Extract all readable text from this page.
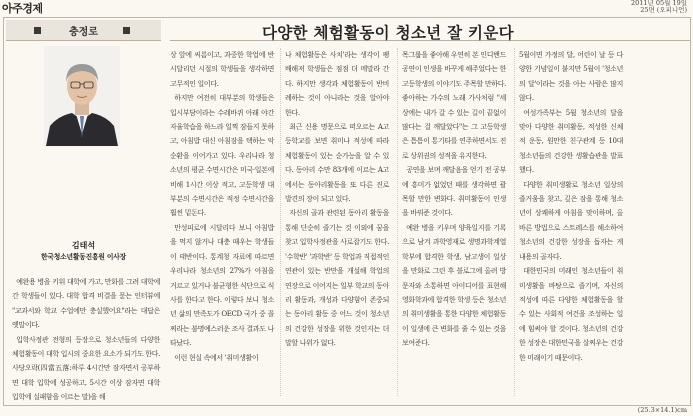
아주경제	2011년 05월 19일
25면 (오피니언)
충정로	다양한 체험활동이 청소년 잘 키운다
김태석
한국청소년활동진흥원 이사장

예완용 병을 키워 대학에 가고, 만화를 그려 대학에 간 학생들이 있다. 대학 합격 비결을 묻는 인터뷰에 "교과서와 학교 수업에만 충실했어요"라는 대답은 옛말이다.

입학사정관 전형의 등장으로 청소년들의 다양한 체험활동이 대학 입시의 중요한 요소가 되기도 한다. 사당오락(四當五落:하루 4시간만 잠자면서 공부하면 대학 입학에 성공하고, 5시간 이상 잠자면 대학 입학에 실패함을 이르는 말)을 해

상 앞에 씨름이고, 과중한 학업에 반 시달리던 시절의 학생들을 생각하면 고무적인 일이다.

하지만 여전히 대부분의 학생들은 입시부담이라는 수레바퀴 아래 야간자율학습을 하느라 일찍 잠들지 못하고, 아침밥 대신 아침잠을 택하는 악순환을 이어가고 있다. 우리나라 청소년의 평균 수면시간은 미국·일본에 비해 1시간 이상 적고, 고등학생 대부분의 수면시간은 적정 수면시간을 훨씬 밑돈다.

만성피로에 시달리다 보니 아침밥을 먹지 않거나 대충 때우는 학생들이 태반이다. 통계청 자료에 따르면 우리나라 청소년의 27%가 아침을 거르고 있거나 불균형한 식단으로 식사를 한다고 한다. 이렇다 보니 청소년 삶의 만족도가 OECD 국가 중 꼴찌라는 불명예스러운 조사 결과도 나타났다.

이런 현실 속에서 '취미생활이

나 체험활동은 사치'라는 생각이 팽배해져 학생들은 점점 더 메말라 간다. 하지만 생각과 체험활동이 반비례하는 것이 아니라는 것을 알아야 한다.

최근 신용 명문으로 떠오르는 A고등학교를 보면 취미나 적성에 따라 체험활동이 있는 순가능을 알 수 있다. 동아리 수만 83개에 이르는 A고에서는 동아리활동을 또 다른 진로 발견의 장이 되고 있다.

자신의 골과 관련된 동아리 활동을 통해 단순히 즐기는 것 이외에 꿈을 찾고 입학사정관을 사로잡기도 한다. '수학반' '과학반' 등 학업과 직접적인 연관이 있는 반만을 개설해 학업의 연장으로 이어지는 일부 학교의 동아리 활동과, 개성과 다양함이 존중되는 동아리 활동 중 어느 것이 청소년의 건강한 성장을 위한 것인지는 더 말할 나위가 없다.

목그룹을 좋아해 우연히 본 인디밴드 공연이 인생을 바꾸게 해주었다는 한 고등학생의 이야기도 주목할 만하다. 좋아하는 가수의 노래 가사처럼 "세상에는 내가 갈 수 있는 길이 끝없이 많다는 걸 깨달았다"는 그 고등학생은 틈틈이 통기타를 연주하면서도 진로 상위권의 성적을 유지한다.

공연을 보며 깨달음을 얻기 전 공부에 흥미가 없었던 때를 생각하면 괄목할 만한 변화다. 취미활동이 인생을 바꿔준 것이다.

예완 병을 키우며 양육일지를 기록으로 남겨 과학영재로 생명과학계열학부에 합격한 학생, 남고생이 일상을 만화로 그린 후 블로그에 올려 방문자와 소통하면 아이디어를 표현해 영화학과에 합격한 학생 등은 청소년의 취미생활을 통한 다양한 체험활동이 일생에 큰 변화를 줄 수 있는 것을 보여준다.

5월이면 가정의 달, 어린이 날 등 다양한 기념일이 붙지만 5월이 '청소년의 달'이라는 것을 아는 사람은 많지 않다.

여성가족부는 5월 청소년의 달을 맞아 다양한 취미활동, 적성한 신체적 운동, 원만한 친구관계 등 10대 청소년들의 건강한 생활습관을 발표했다.

다양한 취미생활로 청소년 일상의 즐거움을 찾고, 깊은 잠을 통해 청소년이 상쾌하게 아침을 맞이하며, 올바른 방법으로 스트레스를 해소하여 청소년의 건강한 성장을 돕자는 게 내용의 골자다.

대한민국의 미래인 청소년들이 취미생활을 바탕으로 즐기며, 자신의 적성에 따른 다양한 체험활동을 할 수 있는 사회적 여건을 조성하는 일에 힘써야 할 것이다. 청소년의 건강한 성장은 대한민국을 살찌우는 건강한 미래이기 때문이다.

(25.3×14.1)cm
